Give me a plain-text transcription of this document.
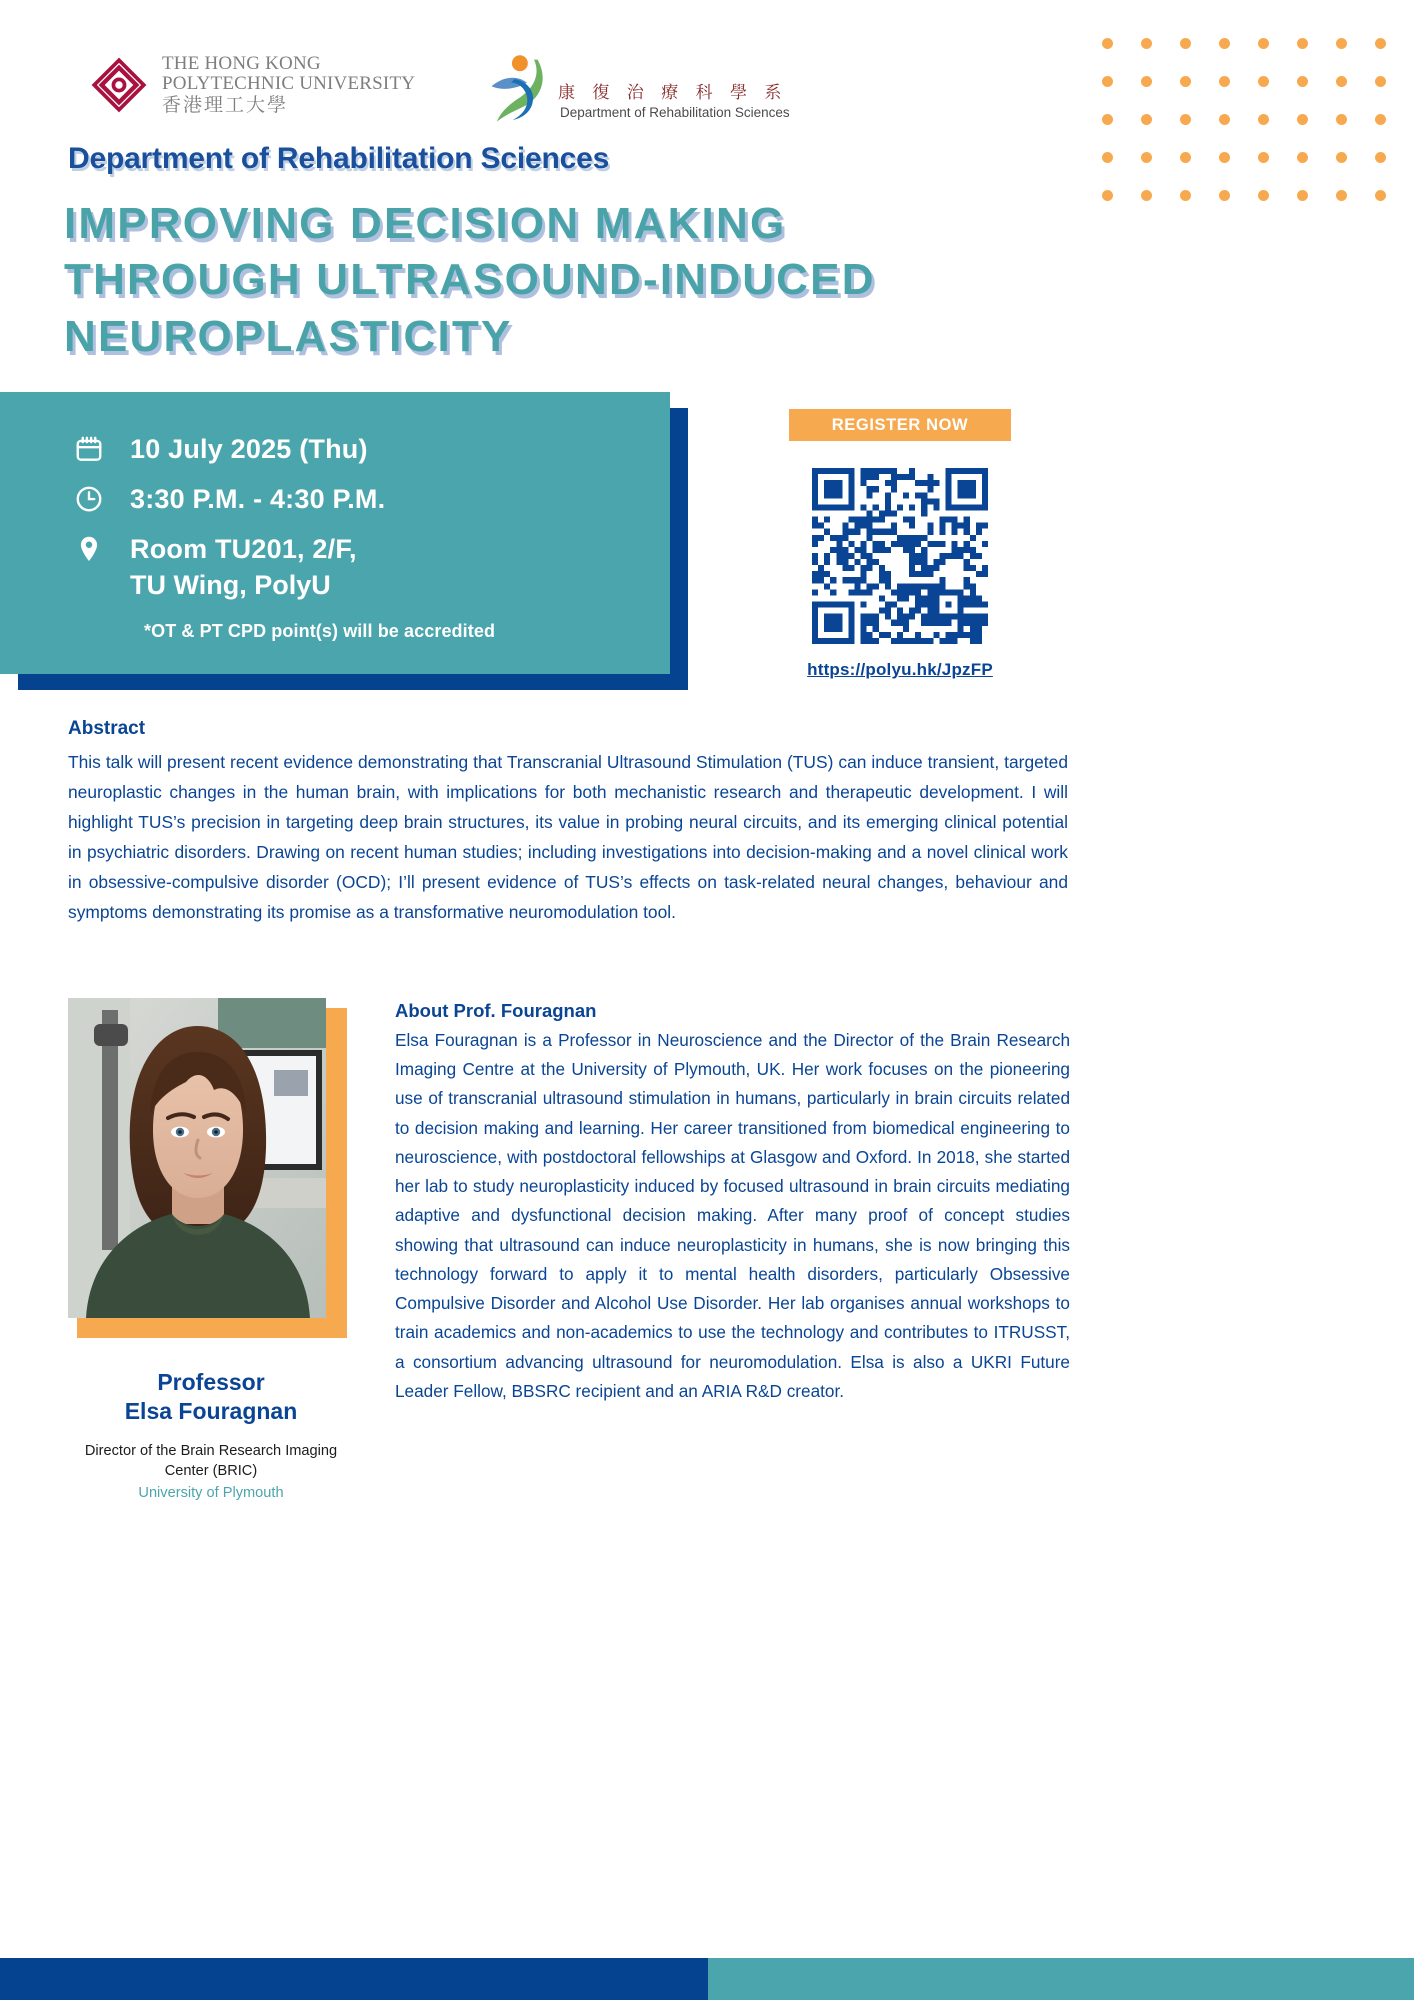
THE HONG KONG
POLYTECHNIC UNIVERSITY
香港理工大學
康 復 治 療 科 學 系
Department of Rehabilitation Sciences
Department of Rehabilitation Sciences
IMPROVING DECISION MAKING THROUGH ULTRASOUND-INDUCED NEUROPLASTICITY
10 July 2025 (Thu)
3:30 P.M. - 4:30 P.M.
Room TU201, 2/F,
TU Wing, PolyU
*OT & PT CPD point(s) will be accredited
REGISTER NOW
https://polyu.hk/JpzFP
Abstract
This talk will present recent evidence demonstrating that Transcranial Ultrasound Stimulation (TUS) can induce transient, targeted neuroplastic changes in the human brain, with implications for both mechanistic research and therapeutic development. I will highlight TUS’s precision in targeting deep brain structures, its value in probing neural circuits, and its emerging clinical potential in psychiatric disorders. Drawing on recent human studies; including investigations into decision-making and a novel clinical work in obsessive-compulsive disorder (OCD); I’ll present evidence of TUS’s effects on task-related neural changes, behaviour and symptoms demonstrating its promise as a transformative neuromodulation tool.
Professor
Elsa Fouragnan
Director of the Brain Research Imaging
Center (BRIC)
University of Plymouth
About Prof. Fouragnan
Elsa Fouragnan is a Professor in Neuroscience and the Director of the Brain Research Imaging Centre at the University of Plymouth, UK. Her work focuses on the pioneering use of transcranial ultrasound stimulation in humans, particularly in brain circuits related to decision making and learning. Her career transitioned from biomedical engineering to neuroscience, with postdoctoral fellowships at Glasgow and Oxford. In 2018, she started her lab to study neuroplasticity induced by focused ultrasound in brain circuits mediating adaptive and dysfunctional decision making. After many proof of concept studies showing that ultrasound can induce neuroplasticity in humans, she is now bringing this technology forward to apply it to mental health disorders, particularly Obsessive Compulsive Disorder and Alcohol Use Disorder. Her lab organises annual workshops to train academics and non-academics to use the technology and contributes to ITRUSST, a consortium advancing ultrasound for neuromodulation. Elsa is also a UKRI Future Leader Fellow, BBSRC recipient and an ARIA R&D creator.
